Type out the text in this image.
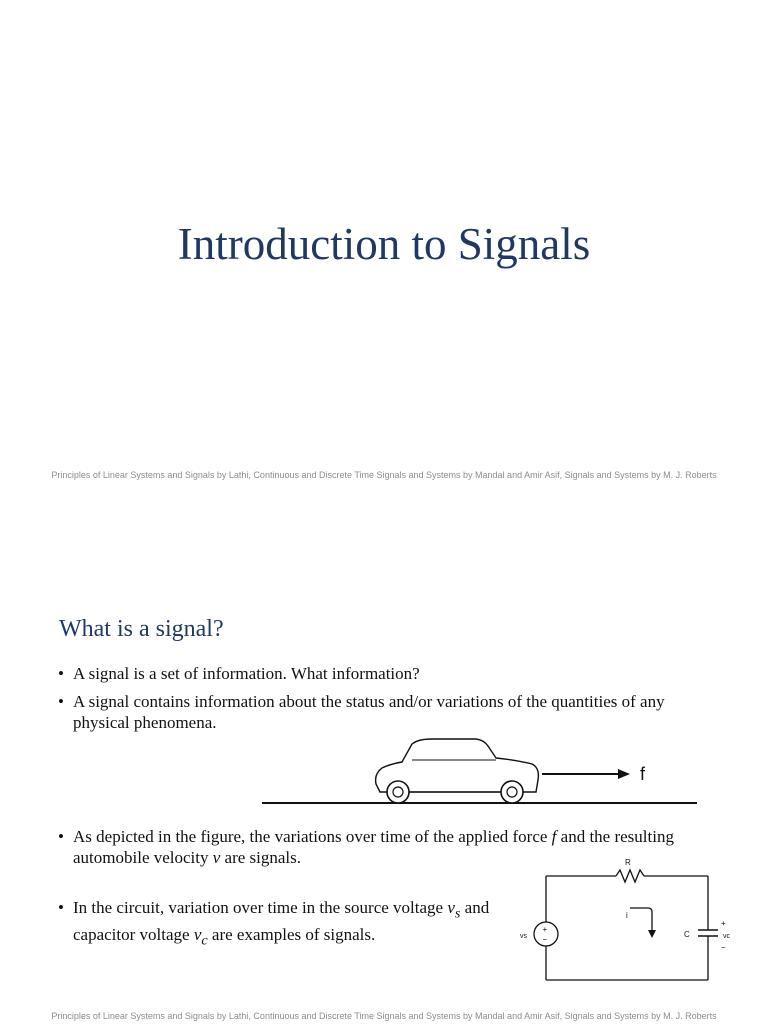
Introduction to Signals
Principles of Linear Systems and Signals by Lathi, Continuous and Discrete Time Signals and Systems by Mandal and Amir Asif, Signals and Systems by M. J. Roberts
What is a signal?
• A signal is a set of information. What information?
• A signal contains information about the status and/or variations of the quantities of any physical phenomena.
f
• As depicted in the figure, the variations over time of the applied force f and the resulting automobile velocity v are signals.
• In the circuit, variation over time in the source voltage $v_s$ and capacitor voltage $v_c$ are examples of signals.	+
−
vs
i
R
C
+
vc
−
Principles of Linear Systems and Signals by Lathi, Continuous and Discrete Time Signals and Systems by Mandal and Amir Asif, Signals and Systems by M. J. Roberts
